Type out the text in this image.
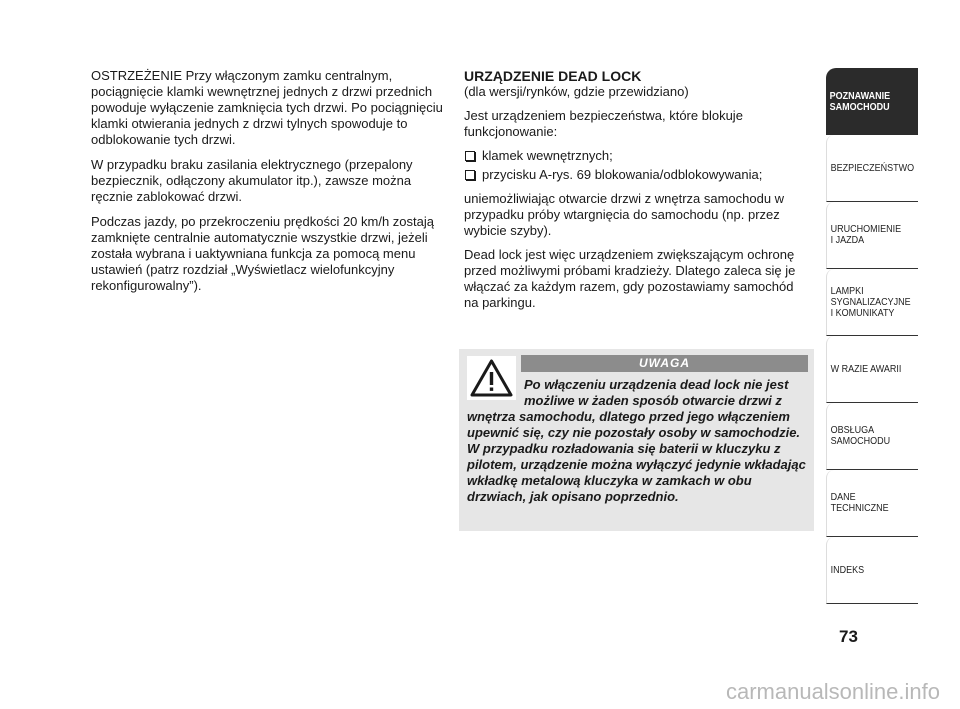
OSTRZEŻENIE Przy włączonym zamku centralnym, pociągnięcie klamki wewnętrznej jednych z drzwi przednich powoduje wyłączenie zamknięcia tych drzwi. Po pociągnięciu klamki otwierania jednych z drzwi tylnych spowoduje to odblokowanie tych drzwi.

W przypadku braku zasilania elektrycznego (przepalony bezpiecznik, odłączony akumulator itp.), zawsze można ręcznie zablokować drzwi.

Podczas jazdy, po przekroczeniu prędkości 20 km/h zostają zamknięte centralnie automatycznie wszystkie drzwi, jeżeli została wybrana i uaktywniana funkcja za pomocą menu ustawień (patrz rozdział „Wyświetlacz wielofunkcyjny rekonfigurowalny”).

URZĄDZENIE DEAD LOCK
(dla wersji/rynków, gdzie przewidziano)

Jest urządzeniem bezpieczeństwa, które blokuje funkcjonowanie:

klamek wewnętrznych;
przycisku A-rys. 69 blokowania/odblokowywania;

uniemożliwiając otwarcie drzwi z wnętrza samochodu w przypadku próby wtargnięcia do samochodu (np. przez wybicie szyby).

Dead lock jest więc urządzeniem zwiększającym ochronę przed możliwymi próbami kradzieży. Dlatego zaleca się je włączać za każdym razem, gdy pozostawiamy samochód na parkingu.

UWAGA
Po włączeniu urządzenia dead lock nie jest możliwe w żaden sposób otwarcie drzwi z wnętrza samochodu, dlatego przed jego włączeniem upewnić się, czy nie pozostały osoby w samochodzie. W przypadku rozładowania się baterii w kluczyku z pilotem, urządzenie można wyłączyć jedynie wkładając wkładkę metalową kluczyka w zamkach w obu drzwiach, jak opisano poprzednio.
POZNAWANIE
SAMOCHODU
BEZPIECZEŃSTWO
URUCHOMIENIE
I JAZDA
LAMPKI
SYGNALIZACYJNE
I KOMUNIKATY
W RAZIE AWARII
OBSŁUGA
SAMOCHODU
DANE
TECHNICZNE
INDEKS
73
carmanualsonline.info
